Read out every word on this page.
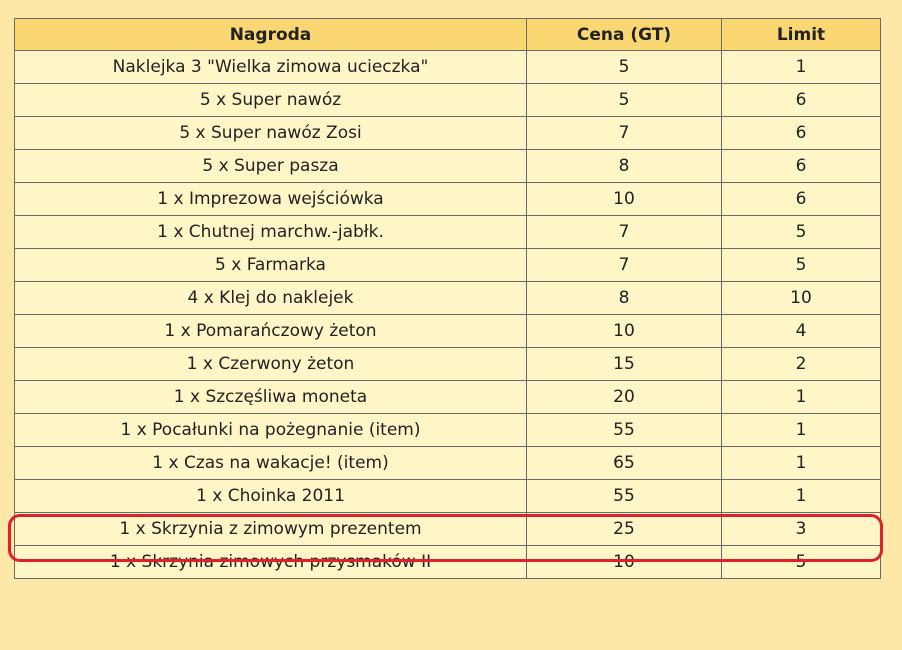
Nagroda	Cena (GT)	Limit
Naklejka 3 "Wielka zimowa ucieczka"	5	1
5 x Super nawóz	5	6
5 x Super nawóz Zosi	7	6
5 x Super pasza	8	6
1 x Imprezowa wejściówka	10	6
1 x Chutnej marchw.-jabłk.	7	5
5 x Farmarka	7	5
4 x Klej do naklejek	8	10
1 x Pomarańczowy żeton	10	4
1 x Czerwony żeton	15	2
1 x Szczęśliwa moneta	20	1
1 x Pocałunki na pożegnanie (item)	55	1
1 x Czas na wakacje! (item)	65	1
1 x Choinka 2011	55	1
1 x Skrzynia z zimowym prezentem	25	3
1 x Skrzynia zimowych przysmaków II	10	5
